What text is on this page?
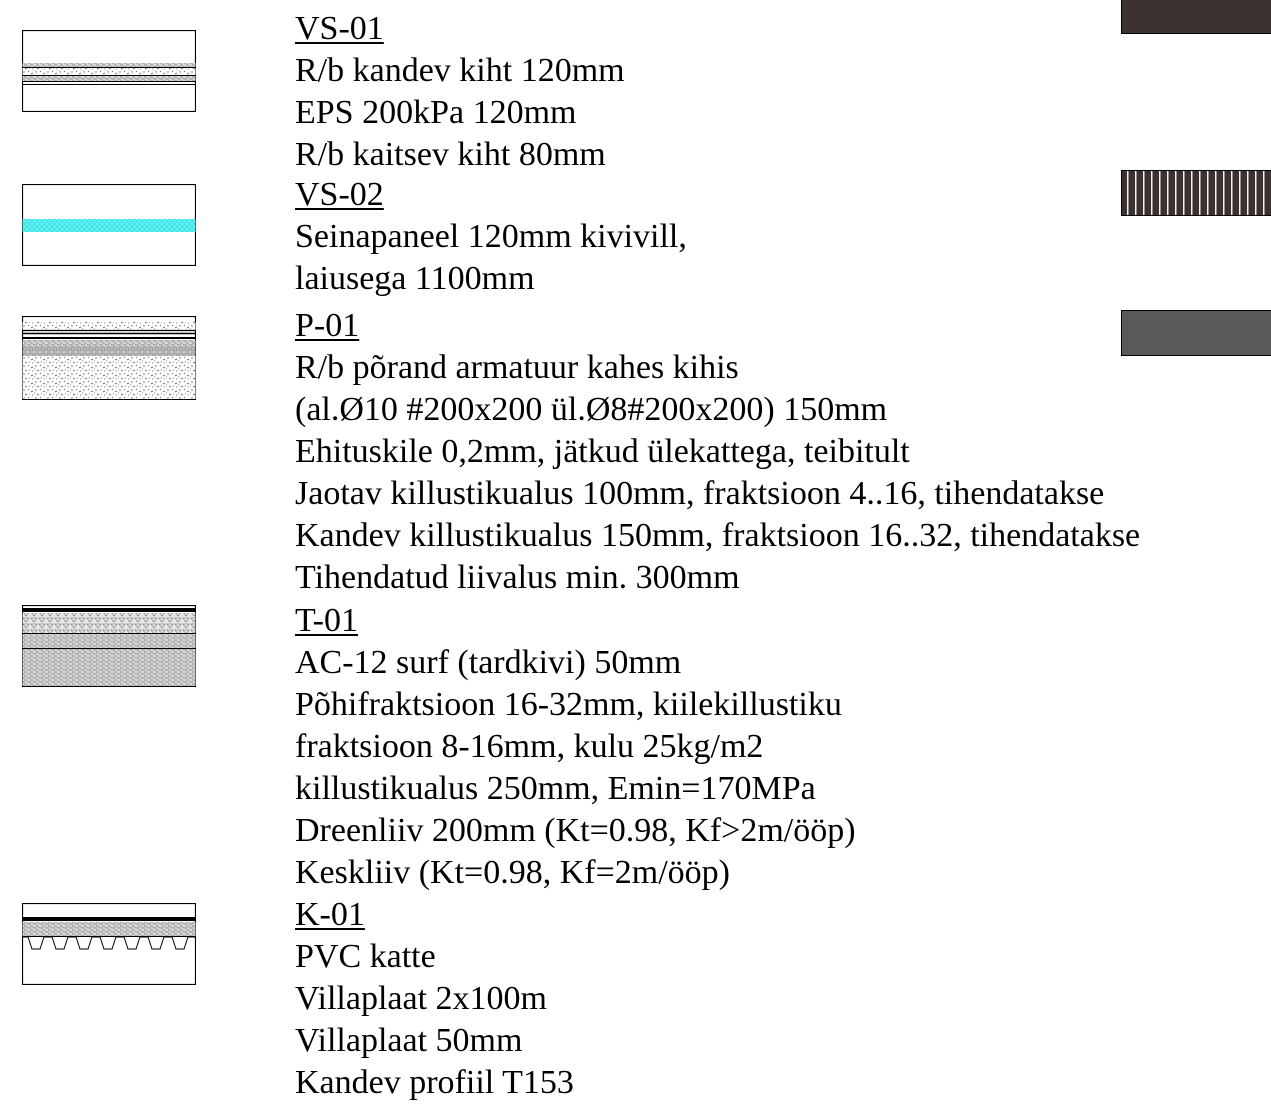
VS-01
R/b kandev kiht 120mm
EPS 200kPa 120mm
R/b kaitsev kiht 80mm
VS-02
Seinapaneel 120mm kivivill,
laiusega 1100mm
P-01
R/b põrand armatuur kahes kihis
(al.Ø10 #200x200 ül.Ø8#200x200) 150mm
Ehituskile 0,2mm, jätkud ülekattega, teibitult
Jaotav killustikualus 100mm, fraktsioon 4..16, tihendatakse
Kandev killustikualus 150mm, fraktsioon 16..32, tihendatakse
Tihendatud liivalus min. 300mm
T-01
AC-12 surf (tardkivi) 50mm
Põhifraktsioon 16-32mm, kiilekillustiku
fraktsioon 8-16mm, kulu 25kg/m2
killustikualus 250mm, Emin=170MPa
Dreenliiv 200mm (Kt=0.98, Kf>2m/ööp)
Keskliiv (Kt=0.98, Kf=2m/ööp)
K-01
PVC katte
Villaplaat 2x100m
Villaplaat 50mm
Kandev profiil T153
